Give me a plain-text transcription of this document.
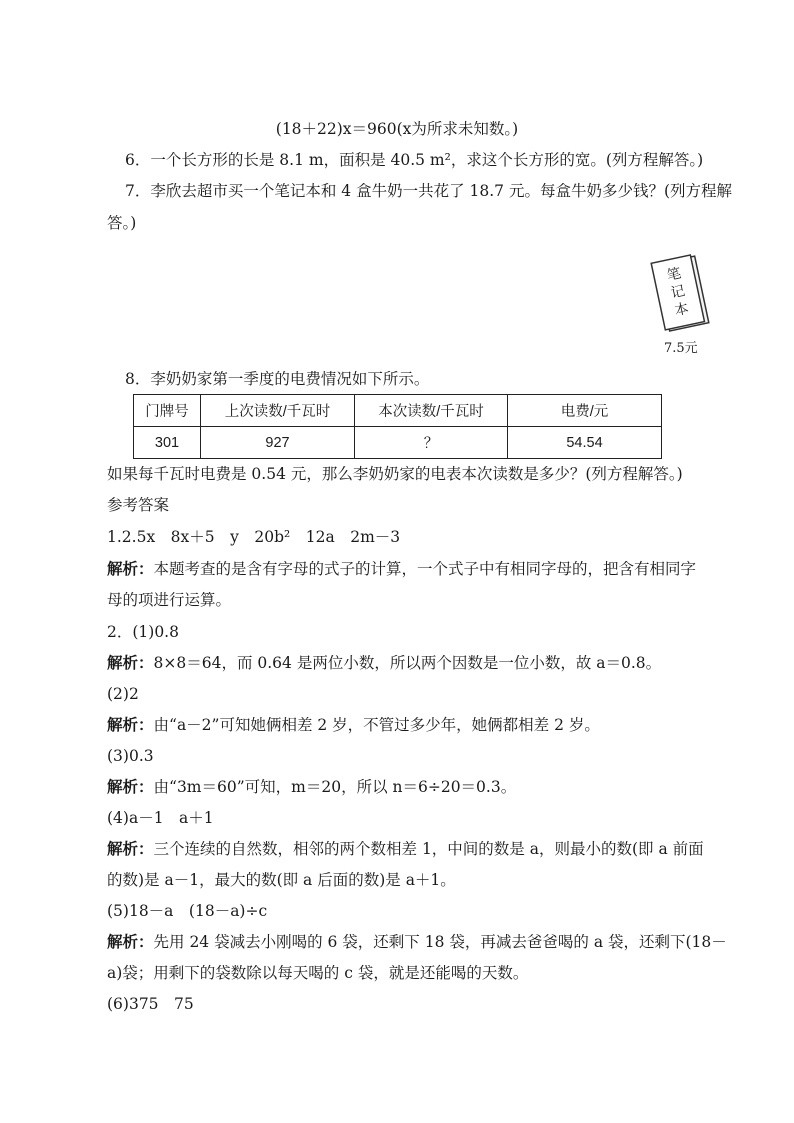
(18＋22)x＝960(x为所求未知数。)
6．一个长方形的长是 8.1 m，面积是 40.5 m²，求这个长方形的宽。(列方程解答。)
7．李欣去超市买一个笔记本和 4 盒牛奶一共花了 18.7 元。每盒牛奶多少钱？(列方程解
答。)
笔
记
本
7.5元
8．李奶奶家第一季度的电费情况如下所示。
门牌号	上次读数/千瓦时	本次读数/千瓦时	电费/元
301	927	？	54.54
如果每千瓦时电费是 0.54 元，那么李奶奶家的电表本次读数是多少？(列方程解答。)
参考答案
1.2.5x　8x＋5　y　20b²　12a　2m－3
解析：本题考查的是含有字母的式子的计算，一个式子中有相同字母的，把含有相同字
母的项进行运算。
2．(1)0.8
解析：8×8＝64，而 0.64 是两位小数，所以两个因数是一位小数，故 a＝0.8。
(2)2
解析：由“a－2”可知她俩相差 2 岁，不管过多少年，她俩都相差 2 岁。
(3)0.3
解析：由“3m＝60”可知，m＝20，所以 n＝6÷20＝0.3。
(4)a－1　a＋1
解析：三个连续的自然数，相邻的两个数相差 1，中间的数是 a，则最小的数(即 a 前面
的数)是 a－1，最大的数(即 a 后面的数)是 a＋1。
(5)18－a　(18－a)÷c
解析：先用 24 袋减去小刚喝的 6 袋，还剩下 18 袋，再减去爸爸喝的 a 袋，还剩下(18－
a)袋；用剩下的袋数除以每天喝的 c 袋，就是还能喝的天数。
(6)375　75
